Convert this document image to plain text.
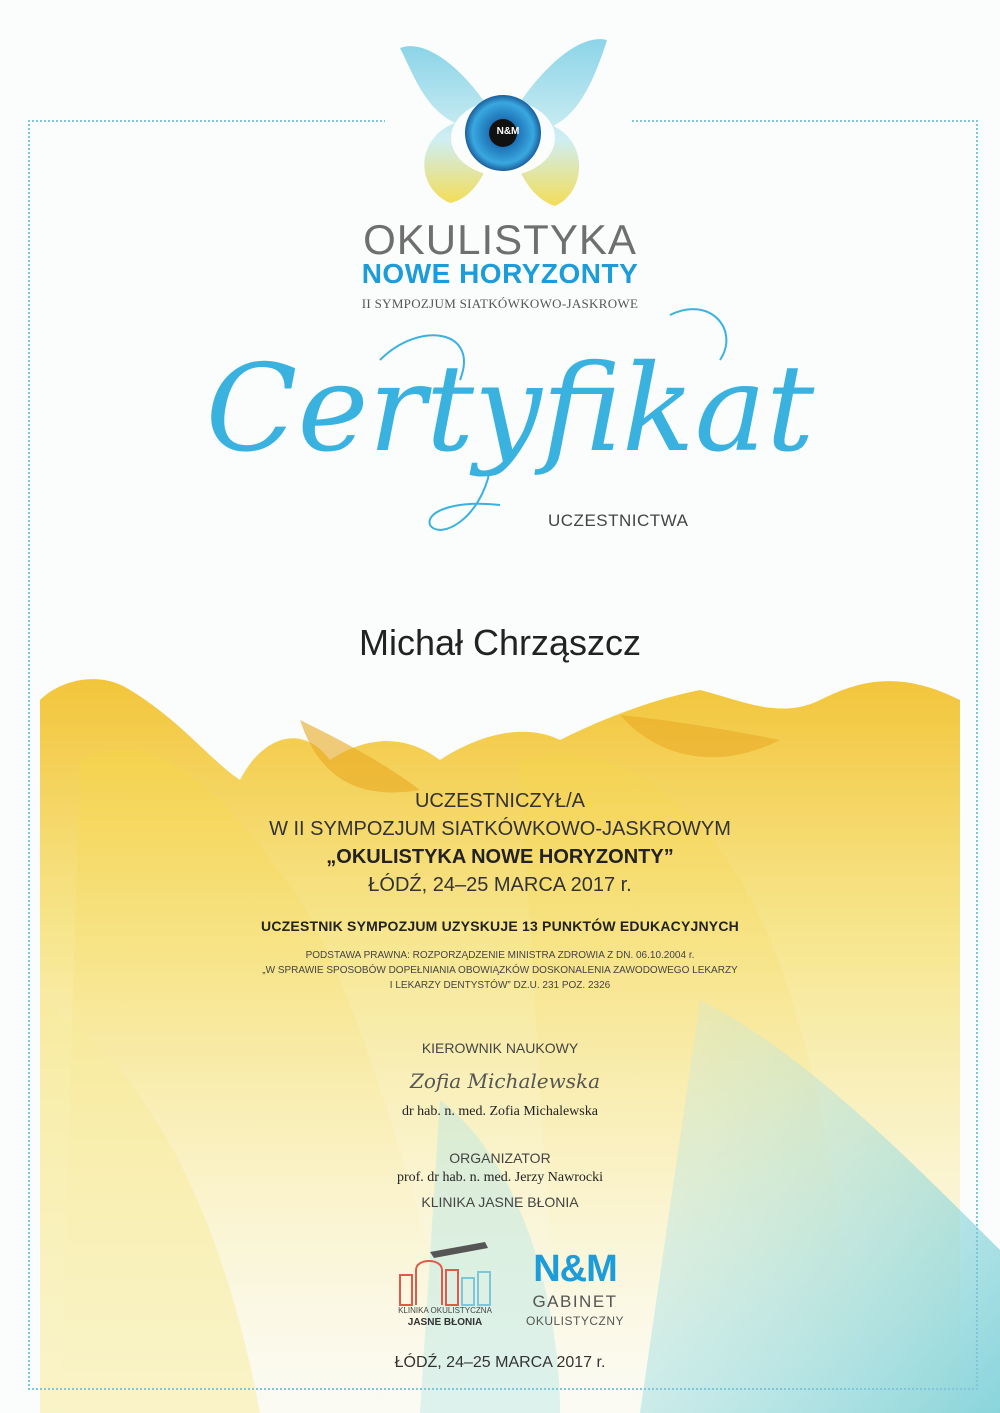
N&M
OKULISTYKA
NOWE HORYZONTY
II SYMPOZJUM SIATKÓWKOWO-JASKROWE
Certyfikat
UCZESTNICTWA
Michał Chrząszcz
UCZESTNICZYŁ/A
W II SYMPOZJUM SIATKÓWKOWO-JASKROWYM
„OKULISTYKA NOWE HORYZONTY”
ŁÓDŹ, 24–25 MARCA 2017 r.
UCZESTNIK SYMPOZJUM UZYSKUJE 13 PUNKTÓW EDUKACYJNYCH
PODSTAWA PRAWNA: ROZPORZĄDZENIE MINISTRA ZDROWIA Z DN. 06.10.2004 r.
„W SPRAWIE SPOSOBÓW DOPEŁNIANIA OBOWIĄZKÓW DOSKONALENIA ZAWODOWEGO LEKARZY
I LEKARZY DENTYSTÓW” DZ.U. 231 POZ. 2326
KIEROWNIK NAUKOWY
Zofia Michalewska
dr hab. n. med. Zofia Michalewska
ORGANIZATOR
prof. dr hab. n. med. Jerzy Nawrocki
KLINIKA JASNE BŁONIA
KLINIKA OKULISTYCZNA
JASNE BŁONIA
N&M
GABINET
OKULISTYCZNY
ŁÓDŹ, 24–25 MARCA 2017 r.
